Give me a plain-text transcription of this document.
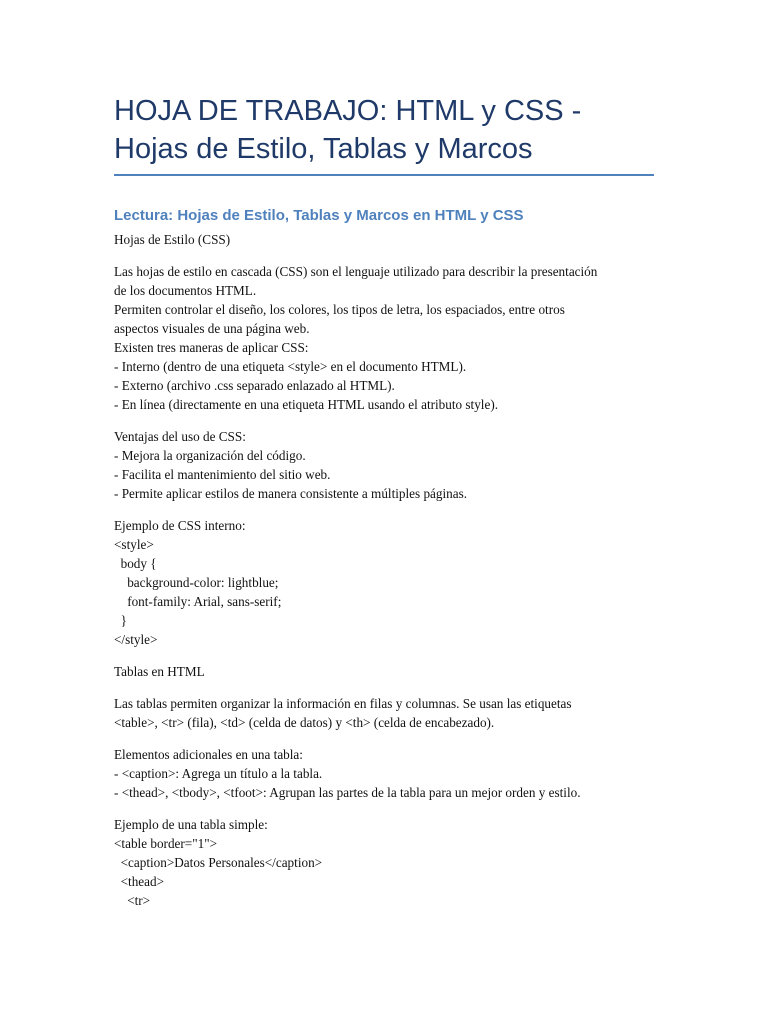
HOJA DE TRABAJO: HTML y CSS - Hojas de Estilo, Tablas y Marcos
Lectura: Hojas de Estilo, Tablas y Marcos en HTML y CSS

Hojas de Estilo (CSS)

Las hojas de estilo en cascada (CSS) son el lenguaje utilizado para describir la presentación
de los documentos HTML.
Permiten controlar el diseño, los colores, los tipos de letra, los espaciados, entre otros
aspectos visuales de una página web.
Existen tres maneras de aplicar CSS:
- Interno (dentro de una etiqueta <style> en el documento HTML).
- Externo (archivo .css separado enlazado al HTML).
- En línea (directamente en una etiqueta HTML usando el atributo style).

Ventajas del uso de CSS:
- Mejora la organización del código.
- Facilita el mantenimiento del sitio web.
- Permite aplicar estilos de manera consistente a múltiples páginas.

Ejemplo de CSS interno:
<style>
body {
background-color: lightblue;
font-family: Arial, sans-serif;
}
</style>

Tablas en HTML

Las tablas permiten organizar la información en filas y columnas. Se usan las etiquetas
<table>, <tr> (fila), <td> (celda de datos) y <th> (celda de encabezado).

Elementos adicionales en una tabla:
- <caption>: Agrega un título a la tabla.
- <thead>, <tbody>, <tfoot>: Agrupan las partes de la tabla para un mejor orden y estilo.

Ejemplo de una tabla simple:
<table border="1">
<caption>Datos Personales</caption>
<thead>
<tr>
